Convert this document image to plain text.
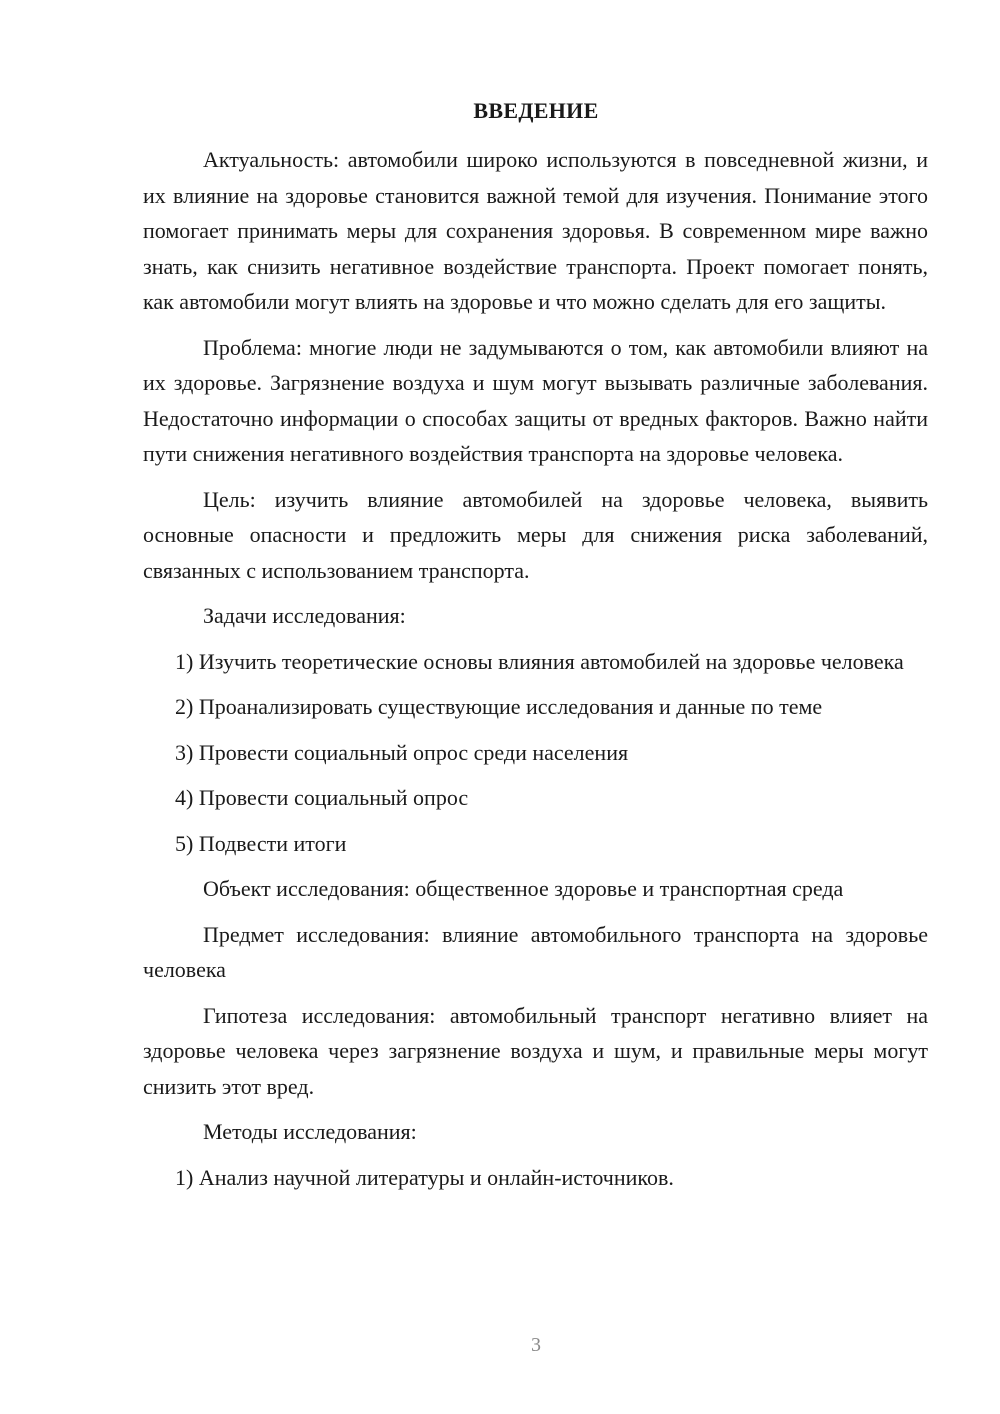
ВВЕДЕНИЕ

Актуальность: автомобили широко используются в повседневной жизни, и их влияние на здоровье становится важной темой для изучения. Понимание этого помогает принимать меры для сохранения здоровья. В современном мире важно знать, как снизить негативное воздействие транспорта. Проект помогает понять, как автомобили могут влиять на здоровье и что можно сделать для его защиты.

Проблема: многие люди не задумываются о том, как автомобили влияют на их здоровье. Загрязнение воздуха и шум могут вызывать различные заболевания. Недостаточно информации о способах защиты от вредных факторов. Важно найти пути снижения негативного воздействия транспорта на здоровье человека.

Цель: изучить влияние автомобилей на здоровье человека, выявить основные опасности и предложить меры для снижения риска заболеваний, связанных с использованием транспорта.

Задачи исследования:

1) Изучить теоретические основы влияния автомобилей на здоровье человека

2) Проанализировать существующие исследования и данные по теме

3) Провести социальный опрос среди населения

4) Провести социальный опрос

5) Подвести итоги

Объект исследования: общественное здоровье и транспортная среда

Предмет исследования: влияние автомобильного транспорта на здоровье человека

Гипотеза исследования: автомобильный транспорт негативно влияет на здоровье человека через загрязнение воздуха и шум, и правильные меры могут снизить этот вред.

Методы исследования:

1) Анализ научной литературы и онлайн-источников.

3
